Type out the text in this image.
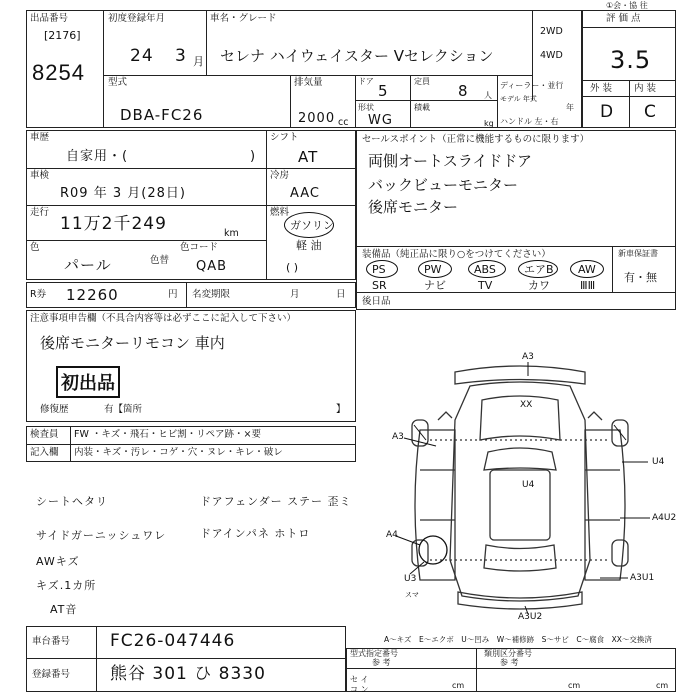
出品番号
[2176]
8254
初度登録年月
24 3 月
車名・グレード
セレナ ハイウェイスター Vセレクション
2WD
4WD
①会・協 往
評 価 点
3.5
外 装 内 装
D C
型式
DBA-FC26
排気量
2000 cc
ドア
5
定員
8 人
形状
WG
積載
kg
ディーラー・並行
モデル 年式
年
ハンドル 左・右
車歴
自家用・(	)
シフト
AT
車検
R09 年 3 月(28日)
冷房
AAC
走行
11万2千249	km
燃料
ガソリン
軽 油
( )
色
パール	色替
色コード
QAB
R券 12260	円 名変期限	月	日
セールスポイント（正常に機能するものに限ります）
両側オートスライドドア
バックビューモニター
後席モニター
装備品（純正品に限り○をつけてください）	新車保証書
有・無
PS	PW	ABS	エアB AW
SR	ナビ	TV	カワ	ⅢⅢ
後日品
注意事項申告欄（不具合内容等は必ずここに記入して下さい）
後席モニターリモコン 車内
初出品
修復歴	有【箇所	】
検査員
記入欄
FW ・キズ・飛石・ヒビ割・リペア跡・×要
内装・キズ・汚レ・コゲ・穴・ヌレ・キレ・破レ
シートヘタリ
サイドガーニッシュワレ
AWキズ
キズ.1カ所
AT音
ドアフェンダー ステー 歪ミ
ドアインパネ ホトロ
A3
XX
A3
U4
U4
A4U2
A4
U3	A3U1
スマ
A3U2
A～キズ　E～エクボ　U～凹み　W～補修跡　S～サビ　C～腐食　XX～交換済
車台番号 FC26-047446
登録番号 熊谷 301 ひ 8330
型式指定番号
参 考
類別区分番号
参 考
セ イ
コ ン	cm	cm	cm
